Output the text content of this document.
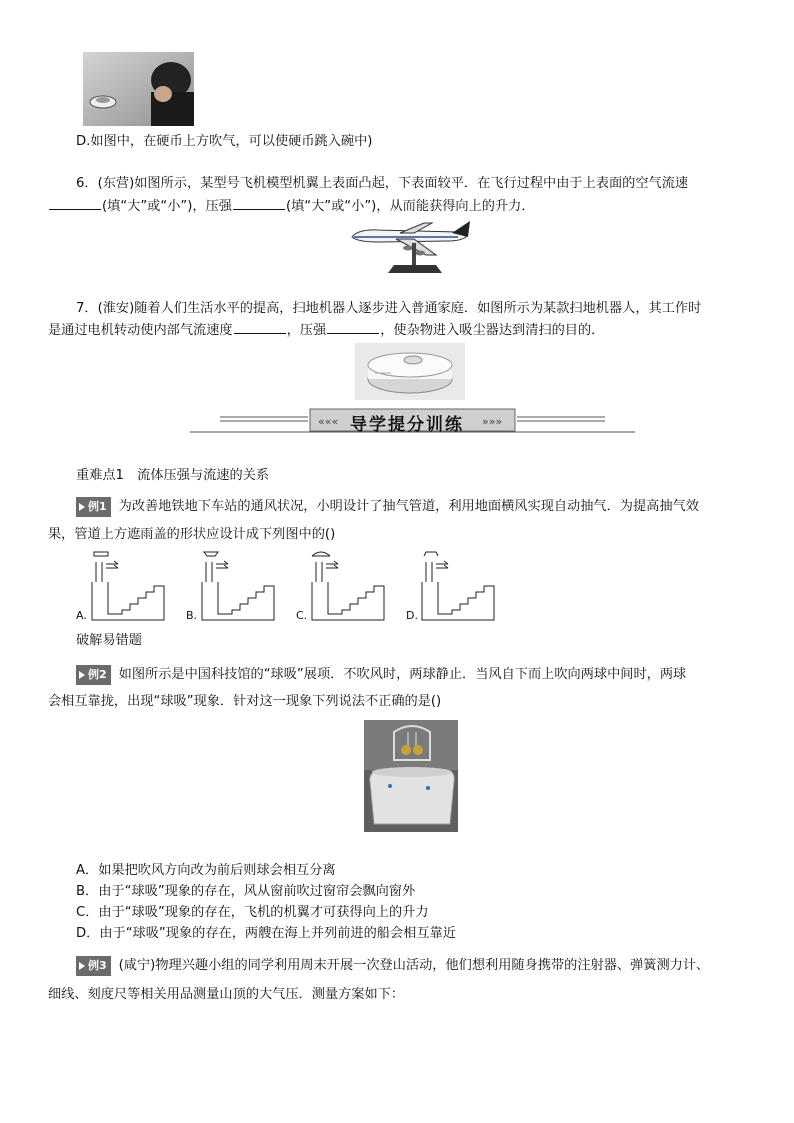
D.如图中，在硬币上方吹气，可以使硬币跳入碗中)
6．(东营)如图所示，某型号飞机模型机翼上表面凸起，下表面较平．在飞行过程中由于上表面的空气流速
(填“大”或“小”)，压强	(填“大”或“小”)，从而能获得向上的升力．
7．(淮安)随着人们生活水平的提高，扫地机器人逐步进入普通家庭．如图所示为某款扫地机器人，其工作时
是通过电机转动使内部气流速度	，压强	，使杂物进入吸尘器达到清扫的目的．
«««	»»»
导学提分训练
重难点1　流体压强与流速的关系
例1 为改善地铁地下车站的通风状况，小明设计了抽气管道，利用地面横风实现自动抽气．为提高抽气效
果，管道上方遮雨盖的形状应设计成下列图中的()
A.	B.	C.	D.
破解易错题
例2 如图所示是中国科技馆的“球吸”展项．不吹风时，两球静止．当风自下而上吹向两球中间时，两球
会相互靠拢，出现“球吸”现象．针对这一现象下列说法不正确的是()
A．如果把吹风方向改为前后则球会相互分离
B．由于“球吸”现象的存在，风从窗前吹过窗帘会飘向窗外
C．由于“球吸”现象的存在，飞机的机翼才可获得向上的升力
D．由于“球吸”现象的存在，两艘在海上并列前进的船会相互靠近
例3 (咸宁)物理兴趣小组的同学利用周末开展一次登山活动，他们想利用随身携带的注射器、弹簧测力计、
细线、刻度尺等相关用品测量山顶的大气压．测量方案如下：
